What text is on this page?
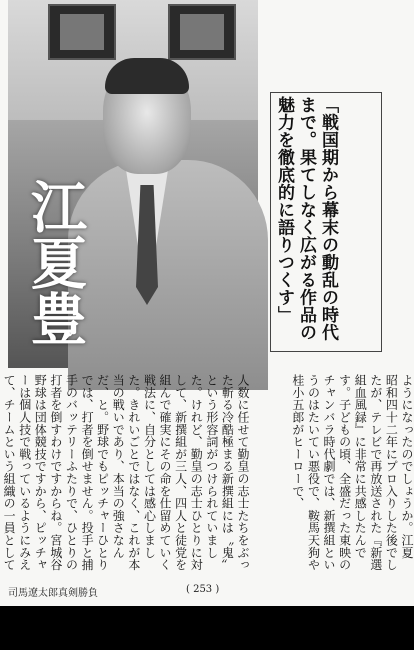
江夏豊	「戦国期から幕末の動乱の時代まで。果てしなく広がる作品の魅力を徹底的に語りつくす」
ようになったのでしょうか。江夏　昭和四十二年にプロ入りした後でしたが、テレビで再放送された『新選組血風録』に非常に共感したんです。子どもの頃、全盛だった東映のチャンバラ時代劇では、新撰組というのはたいてい悪役で、鞍馬天狗や桂小五郎がヒーローで、
人数に任せて勤皇の志士たちをぶった斬る冷酷極まる新撰組には〝鬼〟という形容詞がつけられていました。けれど、勤皇の志士ひとりに対して、新撰組が三人、四人と徒党を組んで確実にその命を仕留めていく戦法に、自分としては感心しました。きれいごとではなく、これが本当の戦いであり、本当の強さなんだ、と。野球でもピッチャーひとりでは、打者を倒せません。投手と捕手のバッテリーふたりで、ひとりの打者を倒すわけですからね。宮城谷　野球は団体競技ですから、ピッチャーは個人技で戦っているようにみえて、チームという組織の一員として
司馬遼太郎真剣勝負	( 253 )
